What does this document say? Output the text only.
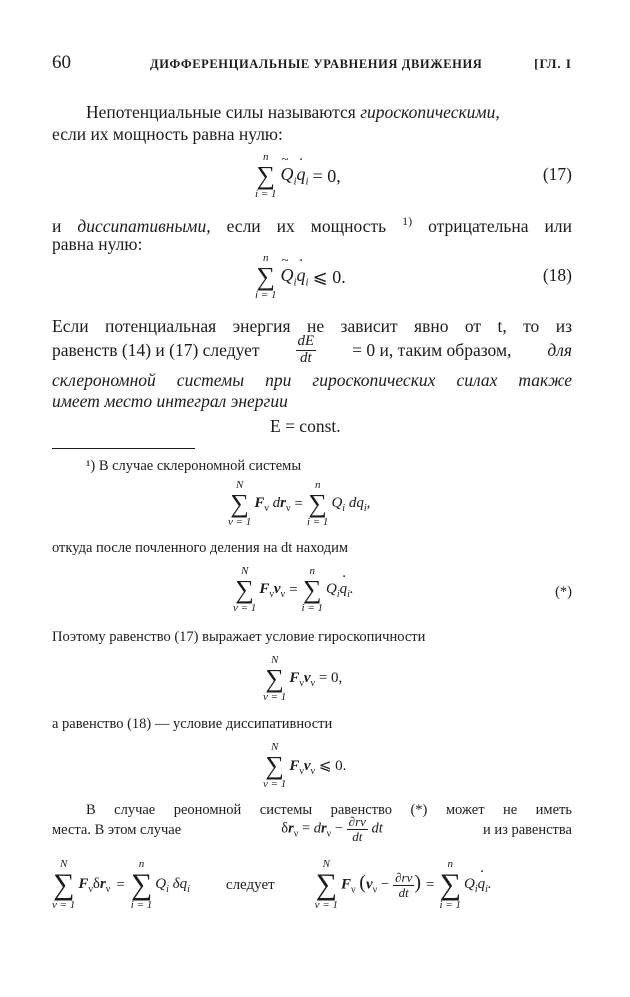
60	ДИФФЕРЕНЦИАЛЬНЫЕ УРАВНЕНИЯ ДВИЖЕНИЯ	[ГЛ. I
Непотенциальные силы называются гироскопическими,
если их мощность равна нулю:
n
∑
i = 1
~ $Q_i\cdot q_i = 0$,	(17)
и диссипативными, если их мощность $^{1)}$ отрицательна или
равна нулю:
n
∑
i = 1
~ $Q_i\cdot q_i$ ⩽ 0.	(18)
Если потенциальная энергия не зависит явно от t, то из
равенств (14) и (17) следует $\frac{dE}{dt} = 0$ и, таким образом, для
склерономной системы при гироскопических силах также
имеет место интеграл энергии
E = const.
¹) В случае склерономной системы
N
∑
ν = 1
$F_\nu$ $dr_\nu$ =
n
∑
i = 1
$Q_i$ $dq_i$,
откуда после почленного деления на dt находим
N
∑
ν = 1
$F_\nu v_\nu$ =
n
∑
i = 1
$Q_i\cdot q_i$.	(*)
Поэтому равенство (17) выражает условие гироскопичности
N
∑
ν = 1
$F_\nu v_\nu = 0$,
а равенство (18) — условие диссипативности
N
∑
ν = 1
$F_\nu v_\nu$ ⩽ 0.
В случае реономной системы равенство (*) может не иметь
места. В этом случае	$\delta r_\nu = dr_\nu - \frac{\partial r\nu}{dt}$ dt	и из равенства
N
∑
ν = 1
$F_\nu\delta r_\nu$ =
n
∑
i = 1
$Q_i$ $\delta q_i$ следует
N
∑
ν = 1
$F_\nu$ ($v_\nu - \frac{\partial r\nu}{dt}$ ) =
n
∑
i = 1
$Q_i\cdot q_i$.
